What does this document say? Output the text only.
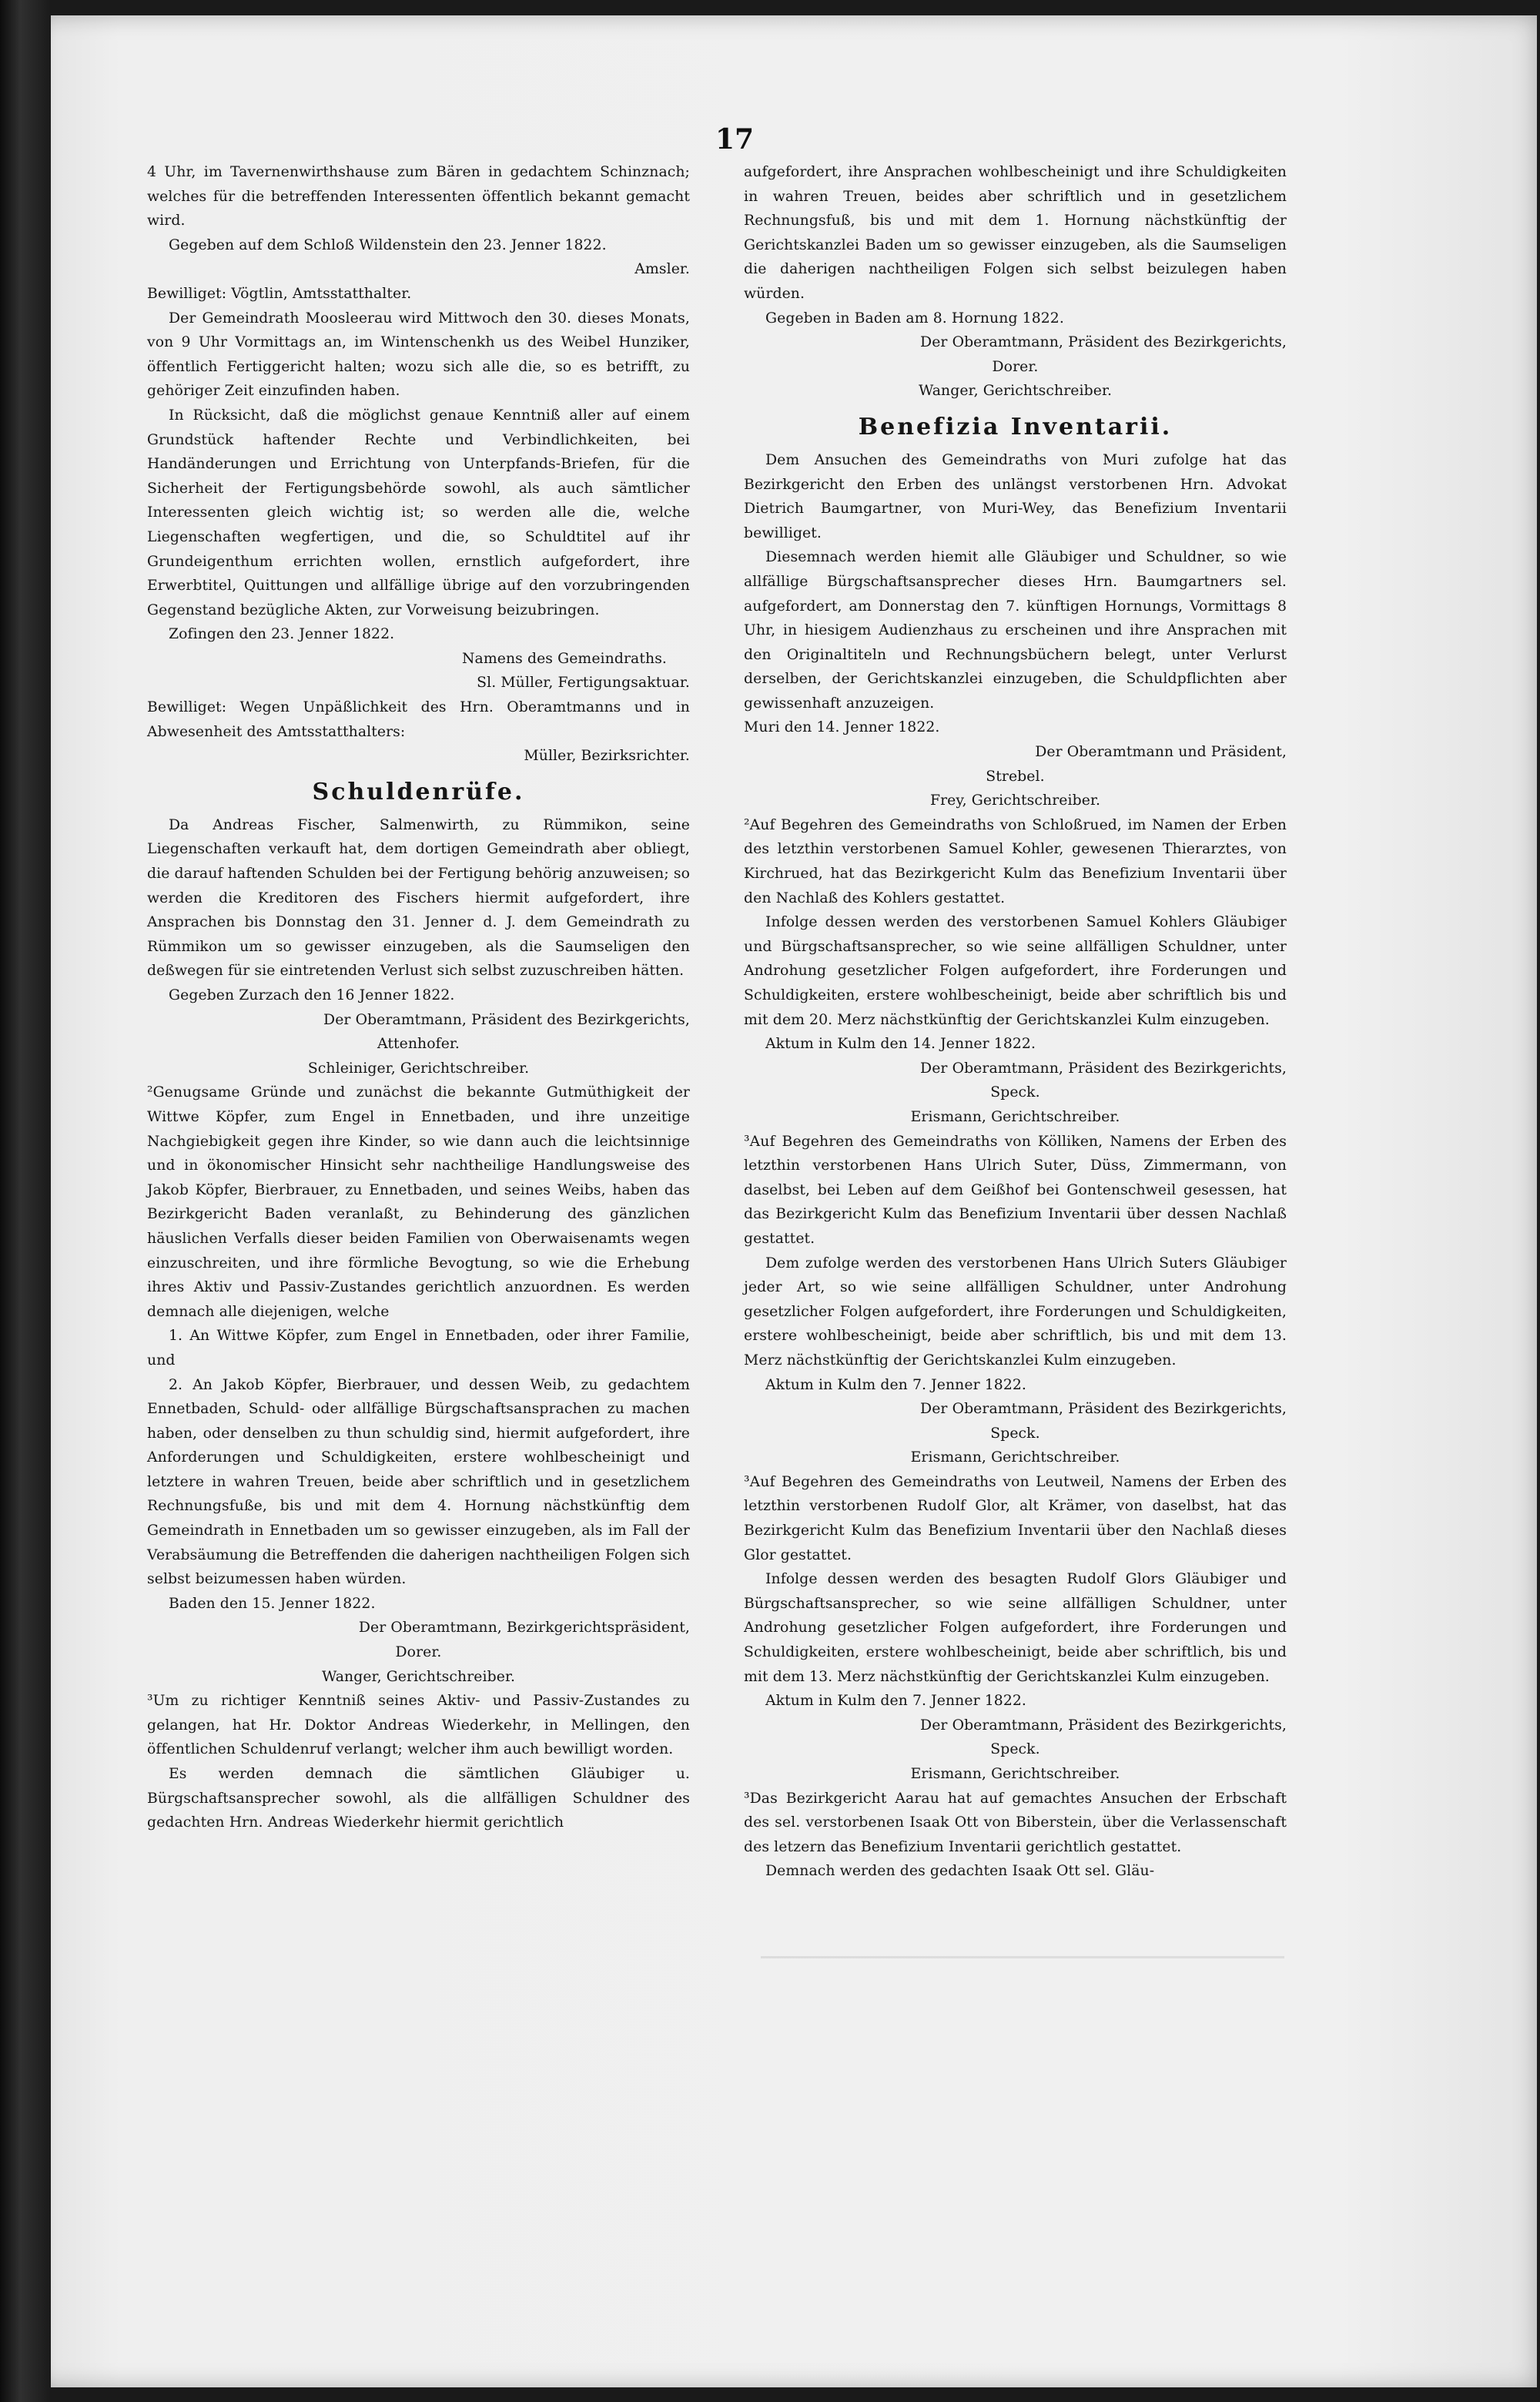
17

4 Uhr, im Tavernenwirthshause zum Bären in gedachtem Schinznach; welches für die betreffenden Interessenten öffentlich bekannt gemacht wird.

Gegeben auf dem Schloß Wildenstein den 23. Jenner 1822.

Amsler.

Bewilliget: Vögtlin, Amtsstatthalter.

Der Gemeindrath Moosleerau wird Mittwoch den 30. dieses Monats, von 9 Uhr Vormittags an, im Wintenschenkh us des Weibel Hunziker, öffentlich Fertiggericht halten; wozu sich alle die, so es betrifft, zu gehöriger Zeit einzufinden haben.

In Rücksicht, daß die möglichst genaue Kenntniß aller auf einem Grundstück haftender Rechte und Verbindlichkeiten, bei Handänderungen und Errichtung von Unterpfands-Briefen, für die Sicherheit der Fertigungsbehörde sowohl, als auch sämtlicher Interessenten gleich wichtig ist; so werden alle die, welche Liegenschaften wegfertigen, und die, so Schuldtitel auf ihr Grundeigenthum errichten wollen, ernstlich aufgefordert, ihre Erwerbtitel, Quittungen und allfällige übrige auf den vorzubringenden Gegenstand bezügliche Akten, zur Vorweisung beizubringen.

Zofingen den 23. Jenner 1822.

Namens des Gemeindraths.

Sl. Müller, Fertigungsaktuar.

Bewilliget: Wegen Unpäßlichkeit des Hrn. Oberamtmanns und in Abwesenheit des Amtsstatthalters:

Müller, Bezirksrichter.

Schuldenrüfe.

Da Andreas Fischer, Salmenwirth, zu Rümmikon, seine Liegenschaften verkauft hat, dem dortigen Gemeindrath aber obliegt, die darauf haftenden Schulden bei der Fertigung behörig anzuweisen; so werden die Kreditoren des Fischers hiermit aufgefordert, ihre Ansprachen bis Donnstag den 31. Jenner d. J. dem Gemeindrath zu Rümmikon um so gewisser einzugeben, als die Saumseligen den deßwegen für sie eintretenden Verlust sich selbst zuzuschreiben hätten.

Gegeben Zurzach den 16 Jenner 1822.

Der Oberamtmann, Präsident des Bezirkgerichts,

Attenhofer.

Schleiniger, Gerichtschreiber.

²Genugsame Gründe und zunächst die bekannte Gutmüthigkeit der Wittwe Köpfer, zum Engel in Ennetbaden, und ihre unzeitige Nachgiebigkeit gegen ihre Kinder, so wie dann auch die leichtsinnige und in ökonomischer Hinsicht sehr nachtheilige Handlungsweise des Jakob Köpfer, Bierbrauer, zu Ennetbaden, und seines Weibs, haben das Bezirkgericht Baden veranlaßt, zu Behinderung des gänzlichen häuslichen Verfalls dieser beiden Familien von Oberwaisenamts wegen einzuschreiten, und ihre förmliche Bevogtung, so wie die Erhebung ihres Aktiv und Passiv-Zustandes gerichtlich anzuordnen. Es werden demnach alle diejenigen, welche

1. An Wittwe Köpfer, zum Engel in Ennetbaden, oder ihrer Familie, und

2. An Jakob Köpfer, Bierbrauer, und dessen Weib, zu gedachtem Ennetbaden, Schuld- oder allfällige Bürgschaftsansprachen zu machen haben, oder denselben zu thun schuldig sind, hiermit aufgefordert, ihre Anforderungen und Schuldigkeiten, erstere wohlbescheinigt und letztere in wahren Treuen, beide aber schriftlich und in gesetzlichem Rechnungsfuße, bis und mit dem 4. Hornung nächstkünftig dem Gemeindrath in Ennetbaden um so gewisser einzugeben, als im Fall der Verabsäumung die Betreffenden die daherigen nachtheiligen Folgen sich selbst beizumessen haben würden.

Baden den 15. Jenner 1822.

Der Oberamtmann, Bezirkgerichtspräsident,

Dorer.

Wanger, Gerichtschreiber.

³Um zu richtiger Kenntniß seines Aktiv- und Passiv-Zustandes zu gelangen, hat Hr. Doktor Andreas Wiederkehr, in Mellingen, den öffentlichen Schuldenruf verlangt; welcher ihm auch bewilligt worden.

Es werden demnach die sämtlichen Gläubiger u. Bürgschaftsansprecher sowohl, als die allfälligen Schuldner des gedachten Hrn. Andreas Wiederkehr hiermit gerichtlich

aufgefordert, ihre Ansprachen wohlbescheinigt und ihre Schuldigkeiten in wahren Treuen, beides aber schriftlich und in gesetzlichem Rechnungsfuß, bis und mit dem 1. Hornung nächstkünftig der Gerichtskanzlei Baden um so gewisser einzugeben, als die Saumseligen die daherigen nachtheiligen Folgen sich selbst beizulegen haben würden.

Gegeben in Baden am 8. Hornung 1822.

Der Oberamtmann, Präsident des Bezirkgerichts,

Dorer.

Wanger, Gerichtschreiber.

Benefizia Inventarii.

Dem Ansuchen des Gemeindraths von Muri zufolge hat das Bezirkgericht den Erben des unlängst verstorbenen Hrn. Advokat Dietrich Baumgartner, von Muri-Wey, das Benefizium Inventarii bewilliget.

Diesemnach werden hiemit alle Gläubiger und Schuldner, so wie allfällige Bürgschaftsansprecher dieses Hrn. Baumgartners sel. aufgefordert, am Donnerstag den 7. künftigen Hornungs, Vormittags 8 Uhr, in hiesigem Audienzhaus zu erscheinen und ihre Ansprachen mit den Originaltiteln und Rechnungsbüchern belegt, unter Verlurst derselben, der Gerichtskanzlei einzugeben, die Schuldpflichten aber gewissenhaft anzuzeigen.

Muri den 14. Jenner 1822.

Der Oberamtmann und Präsident,

Strebel.

Frey, Gerichtschreiber.

²Auf Begehren des Gemeindraths von Schloßrued, im Namen der Erben des letzthin verstorbenen Samuel Kohler, gewesenen Thierarztes, von Kirchrued, hat das Bezirkgericht Kulm das Benefizium Inventarii über den Nachlaß des Kohlers gestattet.

Infolge dessen werden des verstorbenen Samuel Kohlers Gläubiger und Bürgschaftsansprecher, so wie seine allfälligen Schuldner, unter Androhung gesetzlicher Folgen aufgefordert, ihre Forderungen und Schuldigkeiten, erstere wohlbescheinigt, beide aber schriftlich bis und mit dem 20. Merz nächstkünftig der Gerichtskanzlei Kulm einzugeben.

Aktum in Kulm den 14. Jenner 1822.

Der Oberamtmann, Präsident des Bezirkgerichts,

Speck.

Erismann, Gerichtschreiber.

³Auf Begehren des Gemeindraths von Kölliken, Namens der Erben des letzthin verstorbenen Hans Ulrich Suter, Düss, Zimmermann, von daselbst, bei Leben auf dem Geißhof bei Gontenschweil gesessen, hat das Bezirkgericht Kulm das Benefizium Inventarii über dessen Nachlaß gestattet.

Dem zufolge werden des verstorbenen Hans Ulrich Suters Gläubiger jeder Art, so wie seine allfälligen Schuldner, unter Androhung gesetzlicher Folgen aufgefordert, ihre Forderungen und Schuldigkeiten, erstere wohlbescheinigt, beide aber schriftlich, bis und mit dem 13. Merz nächstkünftig der Gerichtskanzlei Kulm einzugeben.

Aktum in Kulm den 7. Jenner 1822.

Der Oberamtmann, Präsident des Bezirkgerichts,

Speck.

Erismann, Gerichtschreiber.

³Auf Begehren des Gemeindraths von Leutweil, Namens der Erben des letzthin verstorbenen Rudolf Glor, alt Krämer, von daselbst, hat das Bezirkgericht Kulm das Benefizium Inventarii über den Nachlaß dieses Glor gestattet.

Infolge dessen werden des besagten Rudolf Glors Gläubiger und Bürgschaftsansprecher, so wie seine allfälligen Schuldner, unter Androhung gesetzlicher Folgen aufgefordert, ihre Forderungen und Schuldigkeiten, erstere wohlbescheinigt, beide aber schriftlich, bis und mit dem 13. Merz nächstkünftig der Gerichtskanzlei Kulm einzugeben.

Aktum in Kulm den 7. Jenner 1822.

Der Oberamtmann, Präsident des Bezirkgerichts,

Speck.

Erismann, Gerichtschreiber.

³Das Bezirkgericht Aarau hat auf gemachtes Ansuchen der Erbschaft des sel. verstorbenen Isaak Ott von Biberstein, über die Verlassenschaft des letzern das Benefizium Inventarii gerichtlich gestattet.

Demnach werden des gedachten Isaak Ott sel. Gläu-
